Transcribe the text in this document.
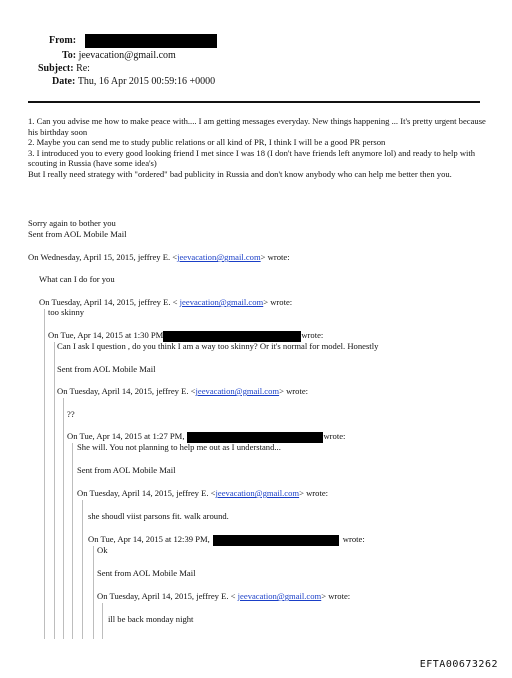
From:
To: jeevacation@gmail.com
Subject: Re:
Date: Thu, 16 Apr 2015 00:59:16 +0000
1. Can you advise me how to make peace with.... I am getting messages everyday. New things happening ... It's pretty urgent because his birthday soon
2. Maybe you can send me to study public relations or all kind of PR, I think I will be a good PR person
3. I introduced you to every good looking friend I met since I was 18 (I don't have friends left anymore lol) and ready to help with scouting in Russia (have some idea's)
But I really need strategy with "ordered" bad publicity in Russia and don't know anybody who can help me better then you.
Sorry again to bother you
Sent from AOL Mobile Mail
On Wednesday, April 15, 2015, jeffrey E. <jeevacation@gmail.com> wrote:
What can I do for you
On Tuesday, April 14, 2015, jeffrey E. < jeevacation@gmail.com> wrote:
too skinny
On Tue, Apr 14, 2015 at 1:30 PM	wrote:
Can I ask I question , do you think I am a way too skinny? Or it's normal for model. Honestly
Sent from AOL Mobile Mail
On Tuesday, April 14, 2015, jeffrey E. <jeevacation@gmail.com> wrote:
??
On Tue, Apr 14, 2015 at 1:27 PM,	wrote:
She will. You not planning to help me out as I understand...
Sent from AOL Mobile Mail
On Tuesday, April 14, 2015, jeffrey E. <jeevacation@gmail.com> wrote:
she shoudl viist parsons fit. walk around.
On Tue, Apr 14, 2015 at 12:39 PM,	wrote:
Ok
Sent from AOL Mobile Mail
On Tuesday, April 14, 2015, jeffrey E. < jeevacation@gmail.com> wrote:
ill be back monday night
EFTA00673262
